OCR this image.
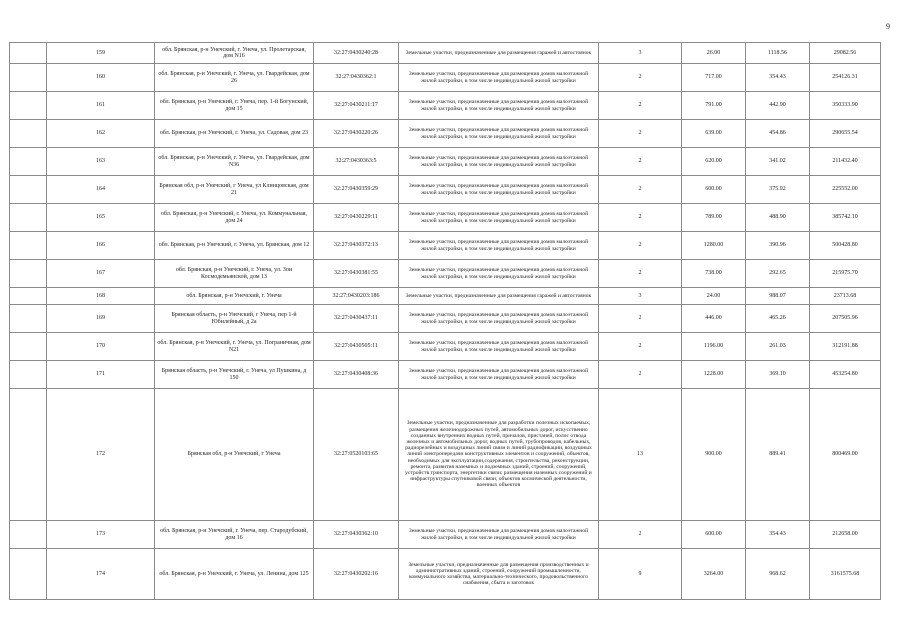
9
	159	обл. Брянская, р-н Унечский, г. Унеча, ул. Пролетарская, дом N16	32:27:0430240:28	Земельные участки, предназначенные для размещения гаражей и автостоянок	3	26.00	1118.56	29082.56
	160	обл. Брянская, р-н Унечский, г. Унеча, ул. Гвардейская, дом 26	32:27:0430362:1	Земельные участки, предназначенные для размещения домов малоэтажной жилой застройки, в том числе индивидуальной жилой застройки	2	717.00	354.43	254126.31
	161	обл. Брянская, р-н Унечский, г. Унеча, пер. 1-й Богунский, дом 15	32:27:0430211:17	Земельные участки, предназначенные для размещения домов малоэтажной жилой застройки, в том числе индивидуальной жилой застройки	2	791.00	442.90	350333.90
	162	обл. Брянская, р-н Унечский, г. Унеча, ул. Садовая, дом 23	32:27:0430220:26	Земельные участки, предназначенные для размещения домов малоэтажной жилой застройки, в том числе индивидуальной жилой застройки	2	639.00	454.86	290655.54
	163	обл. Брянская, р-н Унечский, г. Унеча, ул. Гвардейская, дом N36	32:27:0430363:5	Земельные участки, предназначенные для размещения домов малоэтажной жилой застройки, в том числе индивидуальной жилой застройки	2	620.00	341.02	211432.40
	164	Брянская обл, р-н Унечский, г Унеча, ул Клинцовская, дом 21	32:27:0430359:29	Земельные участки, предназначенные для размещения домов малоэтажной жилой застройки, в том числе индивидуальной жилой застройки	2	600.00	375.92	225552.00
	165	обл. Брянская, р-н Унечский, г. Унеча, ул. Коммунальная, дом 24	32:27:0430229:11	Земельные участки, предназначенные для размещения домов малоэтажной жилой застройки, в том числе индивидуальной жилой застройки	2	789.00	488.90	385742.10
	166	обл. Брянская, р-н Унечский, г. Унеча, ул. Брянская, дом 12	32:27:0430372:13	Земельные участки, предназначенные для размещения домов малоэтажной жилой застройки, в том числе индивидуальной жилой застройки	2	1280.00	390.96	500428.80
	167	обл. Брянская, р-н Унечский, г. Унеча, ул. Зои Космодемьянской, дом 13	32:27:0430381:55	Земельные участки, предназначенные для размещения домов малоэтажной жилой застройки, в том числе индивидуальной жилой застройки	2	738.00	292.65	215975.70
	168	обл. Брянская, р-н Унечский, г. Унеча	32:27:0430203:186	Земельные участки, предназначенные для размещения гаражей и автостоянок	3	24.00	988.07	23713.68
	169	Брянская область, р-н Унечский, г Унеча, пер 1-й Юбилейный, д 2а	32:27:0430437:11	Земельные участки, предназначенные для размещения домов малоэтажной жилой застройки, в том числе индивидуальной жилой застройки	2	446.00	465.26	207505.96
	170	обл. Брянская, р-н Унечский, г. Унеча, ул. Пограничная, дом N21	32:27:0430505:11	Земельные участки, предназначенные для размещения домов малоэтажной жилой застройки, в том числе индивидуальной жилой застройки	2	1196.00	261.03	312191.88
	171	Брянская область, р-н Унечский, г. Унеча, ул Пушкина, д 150	32:27:0430408:36	Земельные участки, предназначенные для размещения домов малоэтажной жилой застройки, в том числе индивидуальной жилой застройки	2	1228.00	369.10	453254.80
	172	Брянская обл, р-н Унечский, г Унеча	32:27:0520103:65	Земельные участки, предназначенные для разработки полезных ископаемых, размещения железнодорожных путей, автомобильных дорог, искусственно созданных внутренних водных путей, причалов, пристаней, полос отвода железных и автомобильных дорог, водных путей, трубопроводов, кабельных, радиорелейных и воздушных линий связи и линий радиофикации, воздушных линий электропередачи конструктивных элементов и сооружений, объектов, необходимых для эксплуатации,содержания, строительства, реконструкции, ремонта, развития наземных и подземных зданий, строений, сооружений, устройств транспорта, энергетики связи; размещения наземных сооружений и инфраструктуры спутниковой связи, объектов космической деятельности, военных объектов	13	900.00	889.41	800469.00
	173	обл. Брянская, р-н Унечский, г. Унеча, пер. Стародубский, дом 16	32:27:0430362:10	Земельные участки, предназначенные для размещения домов малоэтажной жилой застройки, в том числе индивидуальной жилой застройки	2	600.00	354.43	212658.00
	174	обл. Брянская, р-н Унечский, г. Унеча, ул. Ленина, дом 125	32:27:0430202:16	Земельные участки, предназначенные для размещения производственных и административных зданий, строений, сооружений промышленности, коммунального хозяйства, материально-технического, продовольственного снабжения, сбыта и заготовок	9	3264.00	968.62	3161575.68
